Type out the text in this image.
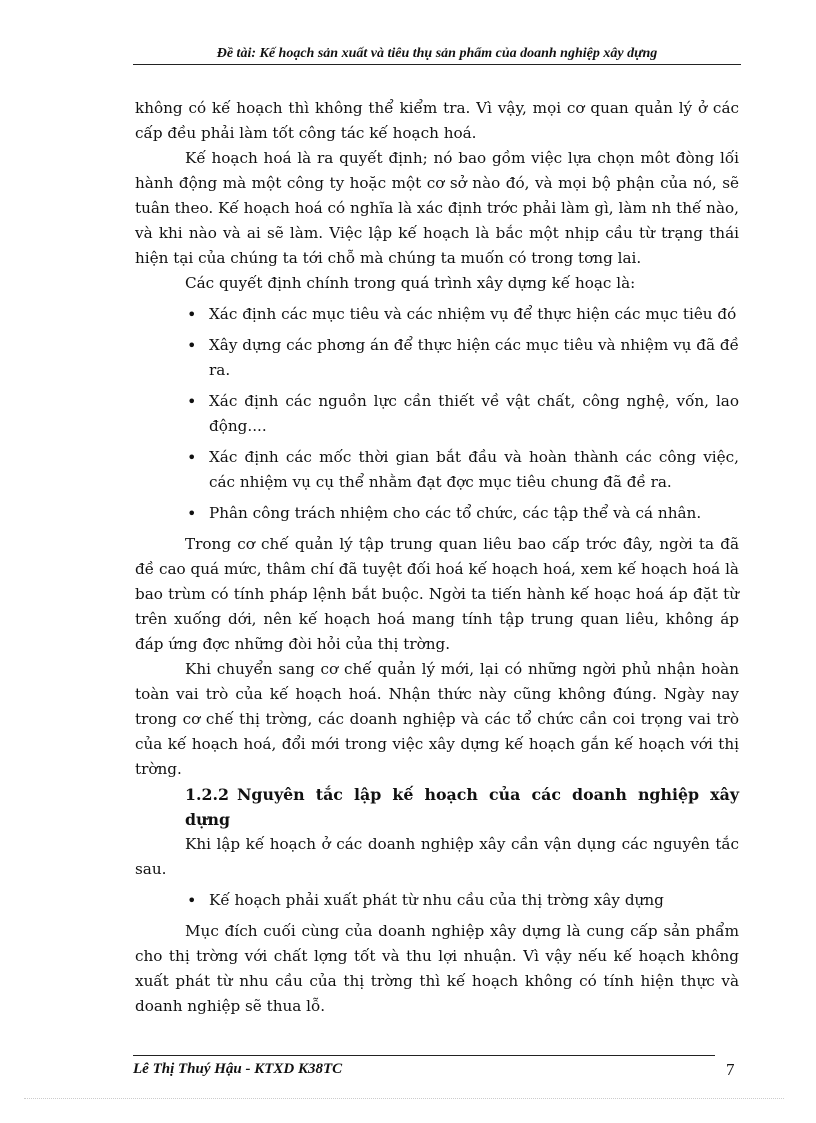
Đề tài: Kế hoạch sản xuất và tiêu thụ sản phẩm của doanh nghiệp xây dựng

không có kế hoạch thì không thể kiểm tra. Vì vậy, mọi cơ quan quản lý ở các cấp đều phải làm tốt công tác kế hoạch hoá.

Kế hoạch hoá là ra quyết định; nó bao gồm việc lựa chọn môt đòng lối hành động mà một công ty hoặc một cơ sở nào đó, và mọi bộ phận của nó, sẽ tuân theo. Kế hoạch hoá có nghĩa là xác định trớc phải làm gì, làm nh thế nào, và khi nào và ai sẽ làm. Việc lập kế hoạch là bắc một nhịp cầu từ trạng thái hiện tại của chúng ta tới chỗ mà chúng ta muốn có trong tơng lai.

Các quyết định chính trong quá trình xây dựng kế hoạc là:

• Xác định các mục tiêu và các nhiệm vụ để thực hiện các mục tiêu đó
• Xây dựng các phơng án để thực hiện các mục tiêu và nhiệm vụ đã đề ra.
• Xác định các nguồn lực cần thiết về vật chất, công nghệ, vốn, lao động....
• Xác định các mốc thời gian bắt đầu và hoàn thành các công việc, các nhiệm vụ cụ thể nhằm đạt đợc mục tiêu chung đã đề ra.
• Phân công trách nhiệm cho các tổ chức, các tập thể và cá nhân.

Trong cơ chế quản lý tập trung quan liêu bao cấp trớc đây, ngời ta đã đề cao quá mức, thâm chí đã tuyệt đối hoá kế hoạch hoá, xem kế hoạch hoá là bao trùm có tính pháp lệnh bắt buộc. Ngời ta tiến hành kế hoạc hoá áp đặt từ trên xuống dới, nên kế hoạch hoá mang tính tập trung quan liêu, không áp đáp ứng đợc những đòi hỏi của thị trờng.

Khi chuyển sang cơ chế quản lý mới, lại có những ngời phủ nhận hoàn toàn vai trò của kế hoạch hoá. Nhận thức này cũng không đúng. Ngày nay trong cơ chế thị trờng, các doanh nghiệp và các tổ chức cần coi trọng vai trò của kế hoạch hoá, đổi mới trong việc xây dựng kế hoạch gắn kế hoạch với thị trờng.

1.2.2 Nguyên tắc lập kế hoạch của các doanh nghiệp xây dựng

Khi lập kế hoạch ở các doanh nghiệp xây cần vận dụng các nguyên tắc sau.

• Kế hoạch phải xuất phát từ nhu cầu của thị trờng xây dựng

Mục đích cuối cùng của doanh nghiệp xây dựng là cung cấp sản phẩm cho thị trờng với chất lợng tốt và thu lợi nhuận. Vì vậy nếu kế hoạch không xuất phát từ nhu cầu của thị trờng thì kế hoạch không có tính hiện thực và doanh nghiệp sẽ thua lỗ.

Lê Thị Thuý Hậu - KTXD K38TC	7
